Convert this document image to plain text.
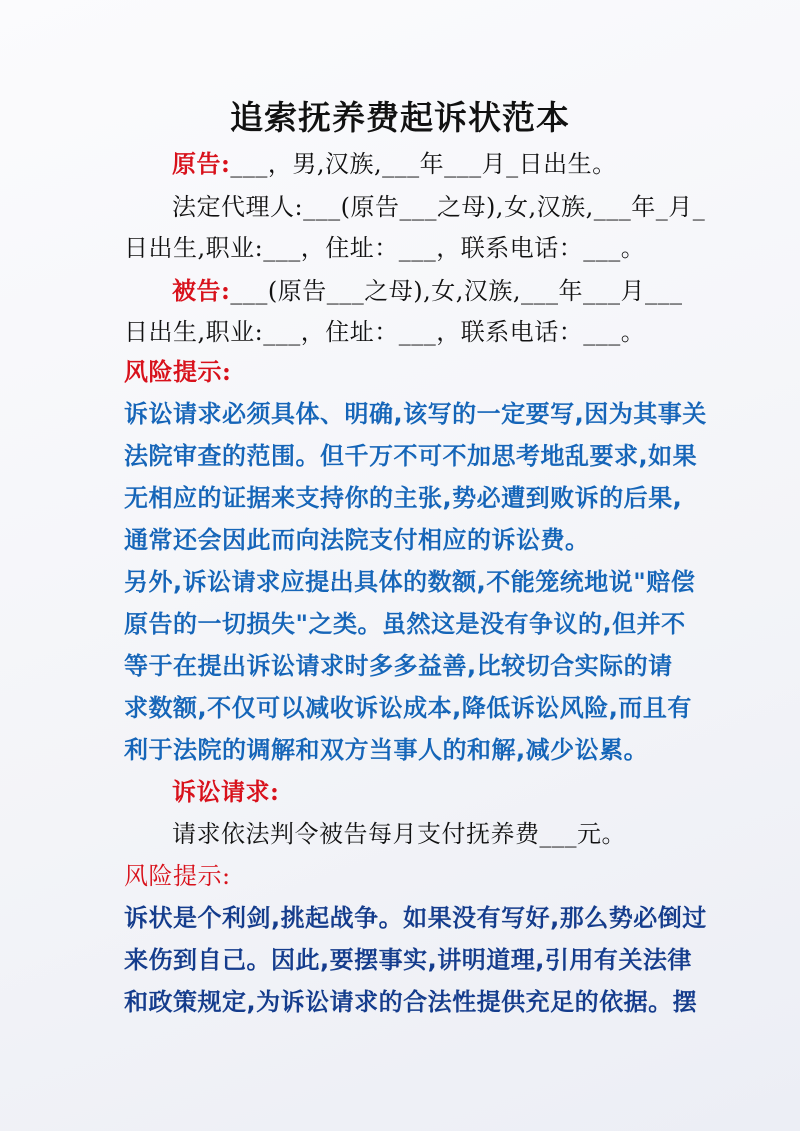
追索抚养费起诉状范本
原告:___，男,汉族,___年___月_日出生。
法定代理人:___(原告___之母),女,汉族,___年_月_
日出生,职业:___，住址：___，联系电话：___。
被告:___(原告___之母),女,汉族,___年___月___
日出生,职业:___，住址：___，联系电话：___。
风险提示:
诉讼请求必须具体、明确,该写的一定要写,因为其事关
法院审查的范围。但千万不可不加思考地乱要求,如果
无相应的证据来支持你的主张,势必遭到败诉的后果,
通常还会因此而向法院支付相应的诉讼费。
另外,诉讼请求应提出具体的数额,不能笼统地说"赔偿
原告的一切损失"之类。虽然这是没有争议的,但并不
等于在提出诉讼请求时多多益善,比较切合实际的请
求数额,不仅可以减收诉讼成本,降低诉讼风险,而且有
利于法院的调解和双方当事人的和解,减少讼累。
诉讼请求:
请求依法判令被告每月支付抚养费___元。
风险提示:
诉状是个利剑,挑起战争。如果没有写好,那么势必倒过
来伤到自己。因此,要摆事实,讲明道理,引用有关法律
和政策规定,为诉讼请求的合法性提供充足的依据。摆
